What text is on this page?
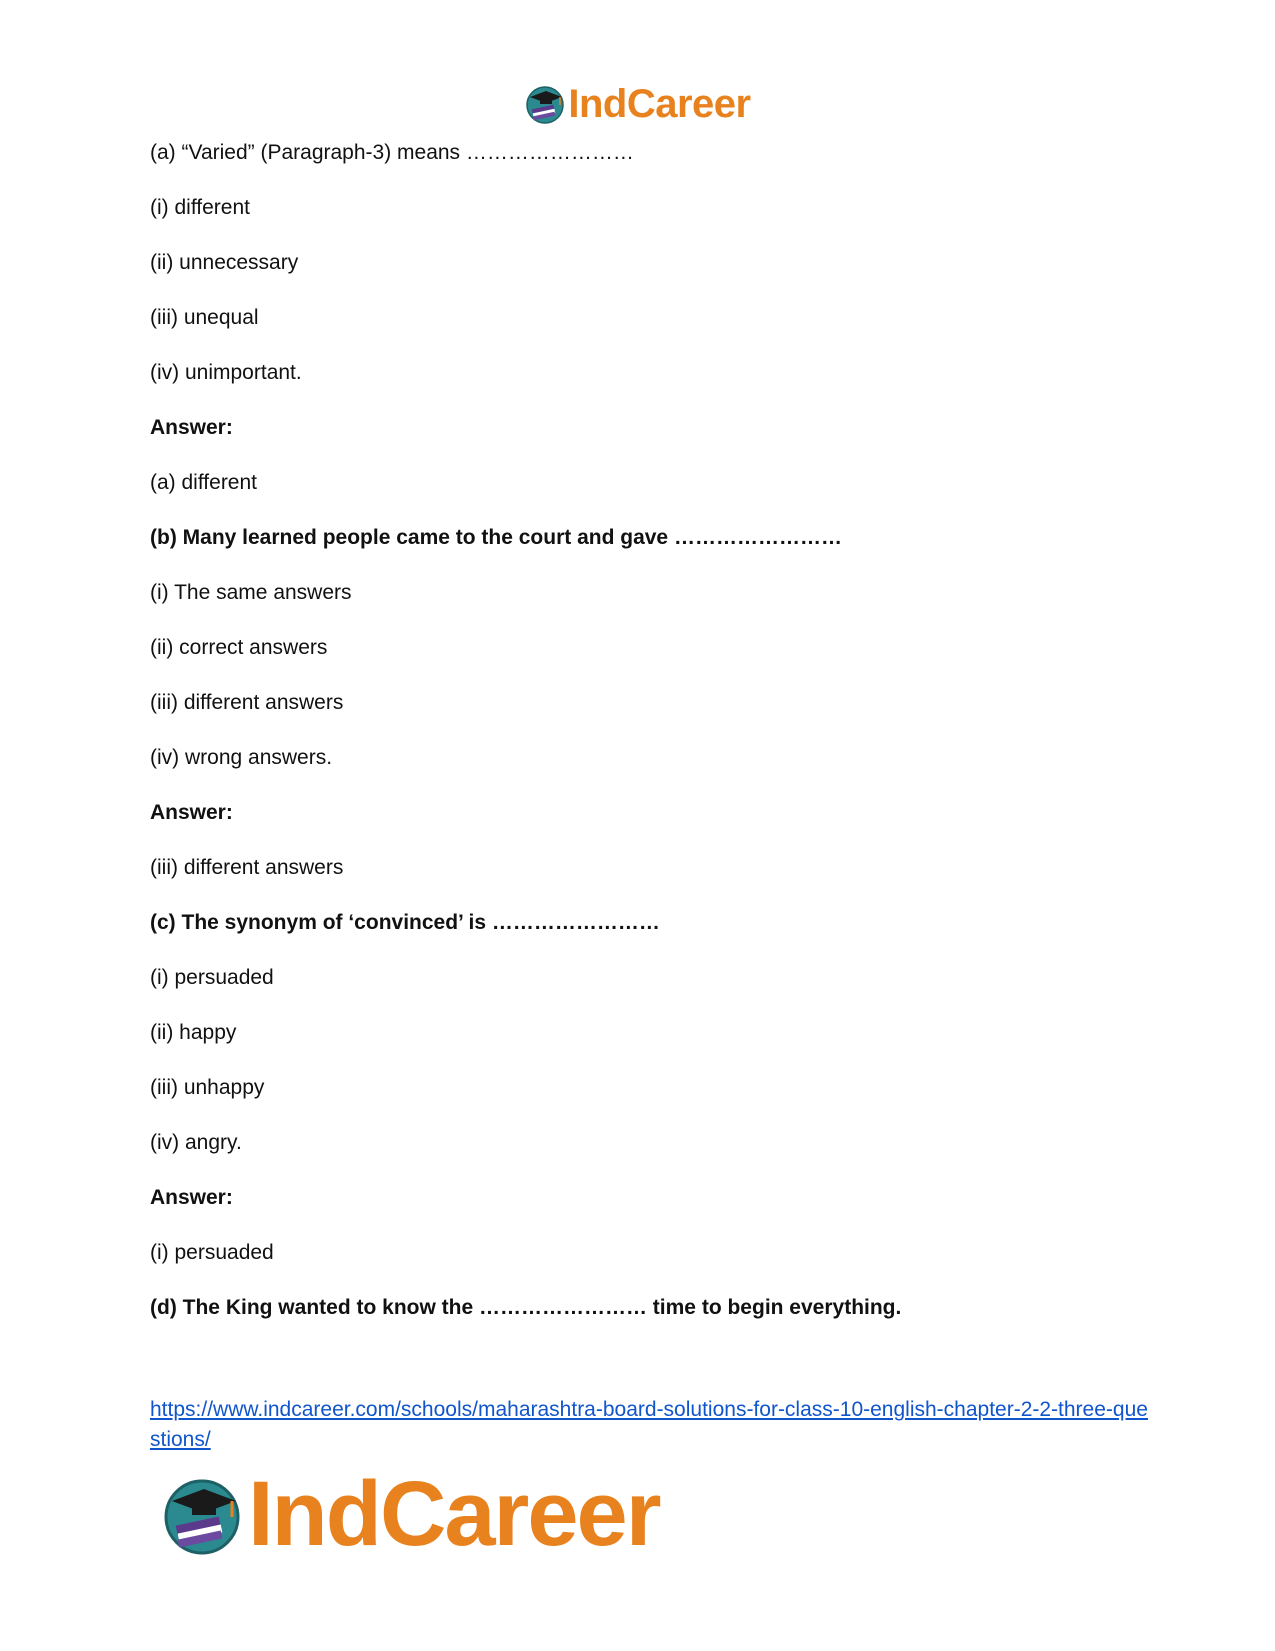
IndCareer
(a) “Varied” (Paragraph-3) means ……………………
(i) different
(ii) unnecessary
(iii) unequal
(iv) unimportant.
Answer:
(a) different
(b) Many learned people came to the court and gave ……………………
(i) The same answers
(ii) correct answers
(iii) different answers
(iv) wrong answers.
Answer:
(iii) different answers
(c) The synonym of ‘convinced’ is ……………………
(i) persuaded
(ii) happy
(iii) unhappy
(iv) angry.
Answer:
(i) persuaded
(d) The King wanted to know the …………………… time to begin everything.
https://www.indcareer.com/schools/maharashtra-board-solutions-for-class-10-english-chapter-2-2-three-questions/
IndCareer
